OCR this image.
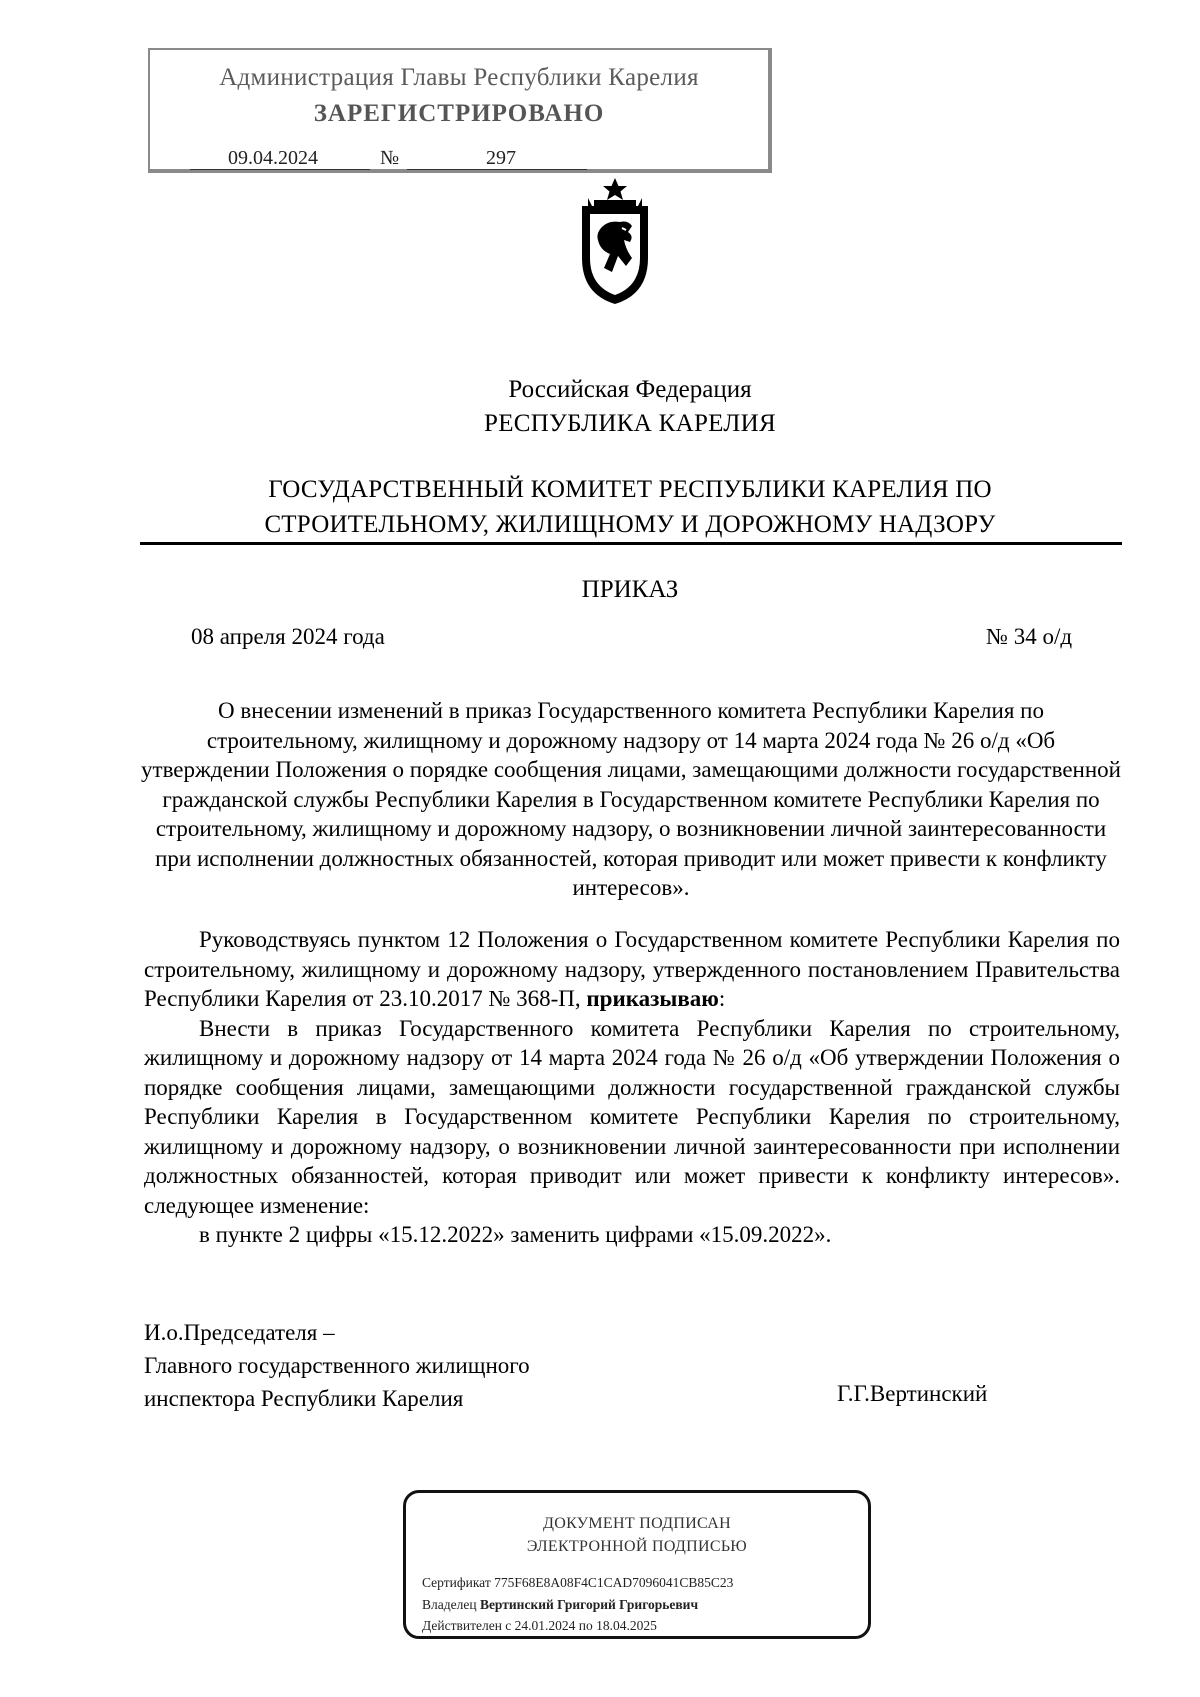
Администрация Главы Республики Карелия
ЗАРЕГИСТРИРОВАНО
09.04.2024	№	297
Российская Федерация
РЕСПУБЛИКА КАРЕЛИЯ
ГОСУДАРСТВЕННЫЙ КОМИТЕТ РЕСПУБЛИКИ КАРЕЛИЯ ПО
СТРОИТЕЛЬНОМУ, ЖИЛИЩНОМУ И ДОРОЖНОМУ НАДЗОРУ
ПРИКАЗ
08 апреля 2024 года	№ 34 о/д
О внесении изменений в приказ Государственного комитета Республики Карелия по строительному, жилищному и дорожному надзору от 14 марта 2024 года № 26 о/д «Об утверждении Положения о порядке сообщения лицами, замещающими должности государственной гражданской службы Республики Карелия в Государственном комитете Республики Карелия по строительному, жилищному и дорожному надзору, о возникновении личной заинтересованности при исполнении должностных обязанностей, которая приводит или может привести к конфликту интересов».

Руководствуясь пунктом 12 Положения о Государственном комитете Республики Карелия по строительному, жилищному и дорожному надзору, утвержденного постановлением Правительства Республики Карелия от 23.10.2017 № 368-П, приказываю:

Внести в приказ Государственного комитета Республики Карелия по строительному, жилищному и дорожному надзору от 14 марта 2024 года № 26 о/д «Об утверждении Положения о порядке сообщения лицами, замещающими должности государственной гражданской службы Республики Карелия в Государственном комитете Республики Карелия по строительному, жилищному и дорожному надзору, о возникновении личной заинтересованности при исполнении должностных обязанностей, которая приводит или может привести к конфликту интересов». следующее изменение:

в пункте 2 цифры «15.12.2022» заменить цифрами «15.09.2022».

И.о.Председателя –
Главного государственного жилищного
инспектора Республики Карелия	Г.Г.Вертинский
ДОКУМЕНТ ПОДПИСАН
ЭЛЕКТРОННОЙ ПОДПИСЬЮ
Сертификат 775F68E8A08F4C1CAD7096041CB85C23
Владелец Вертинский Григорий Григорьевич
Действителен с 24.01.2024 по 18.04.2025
